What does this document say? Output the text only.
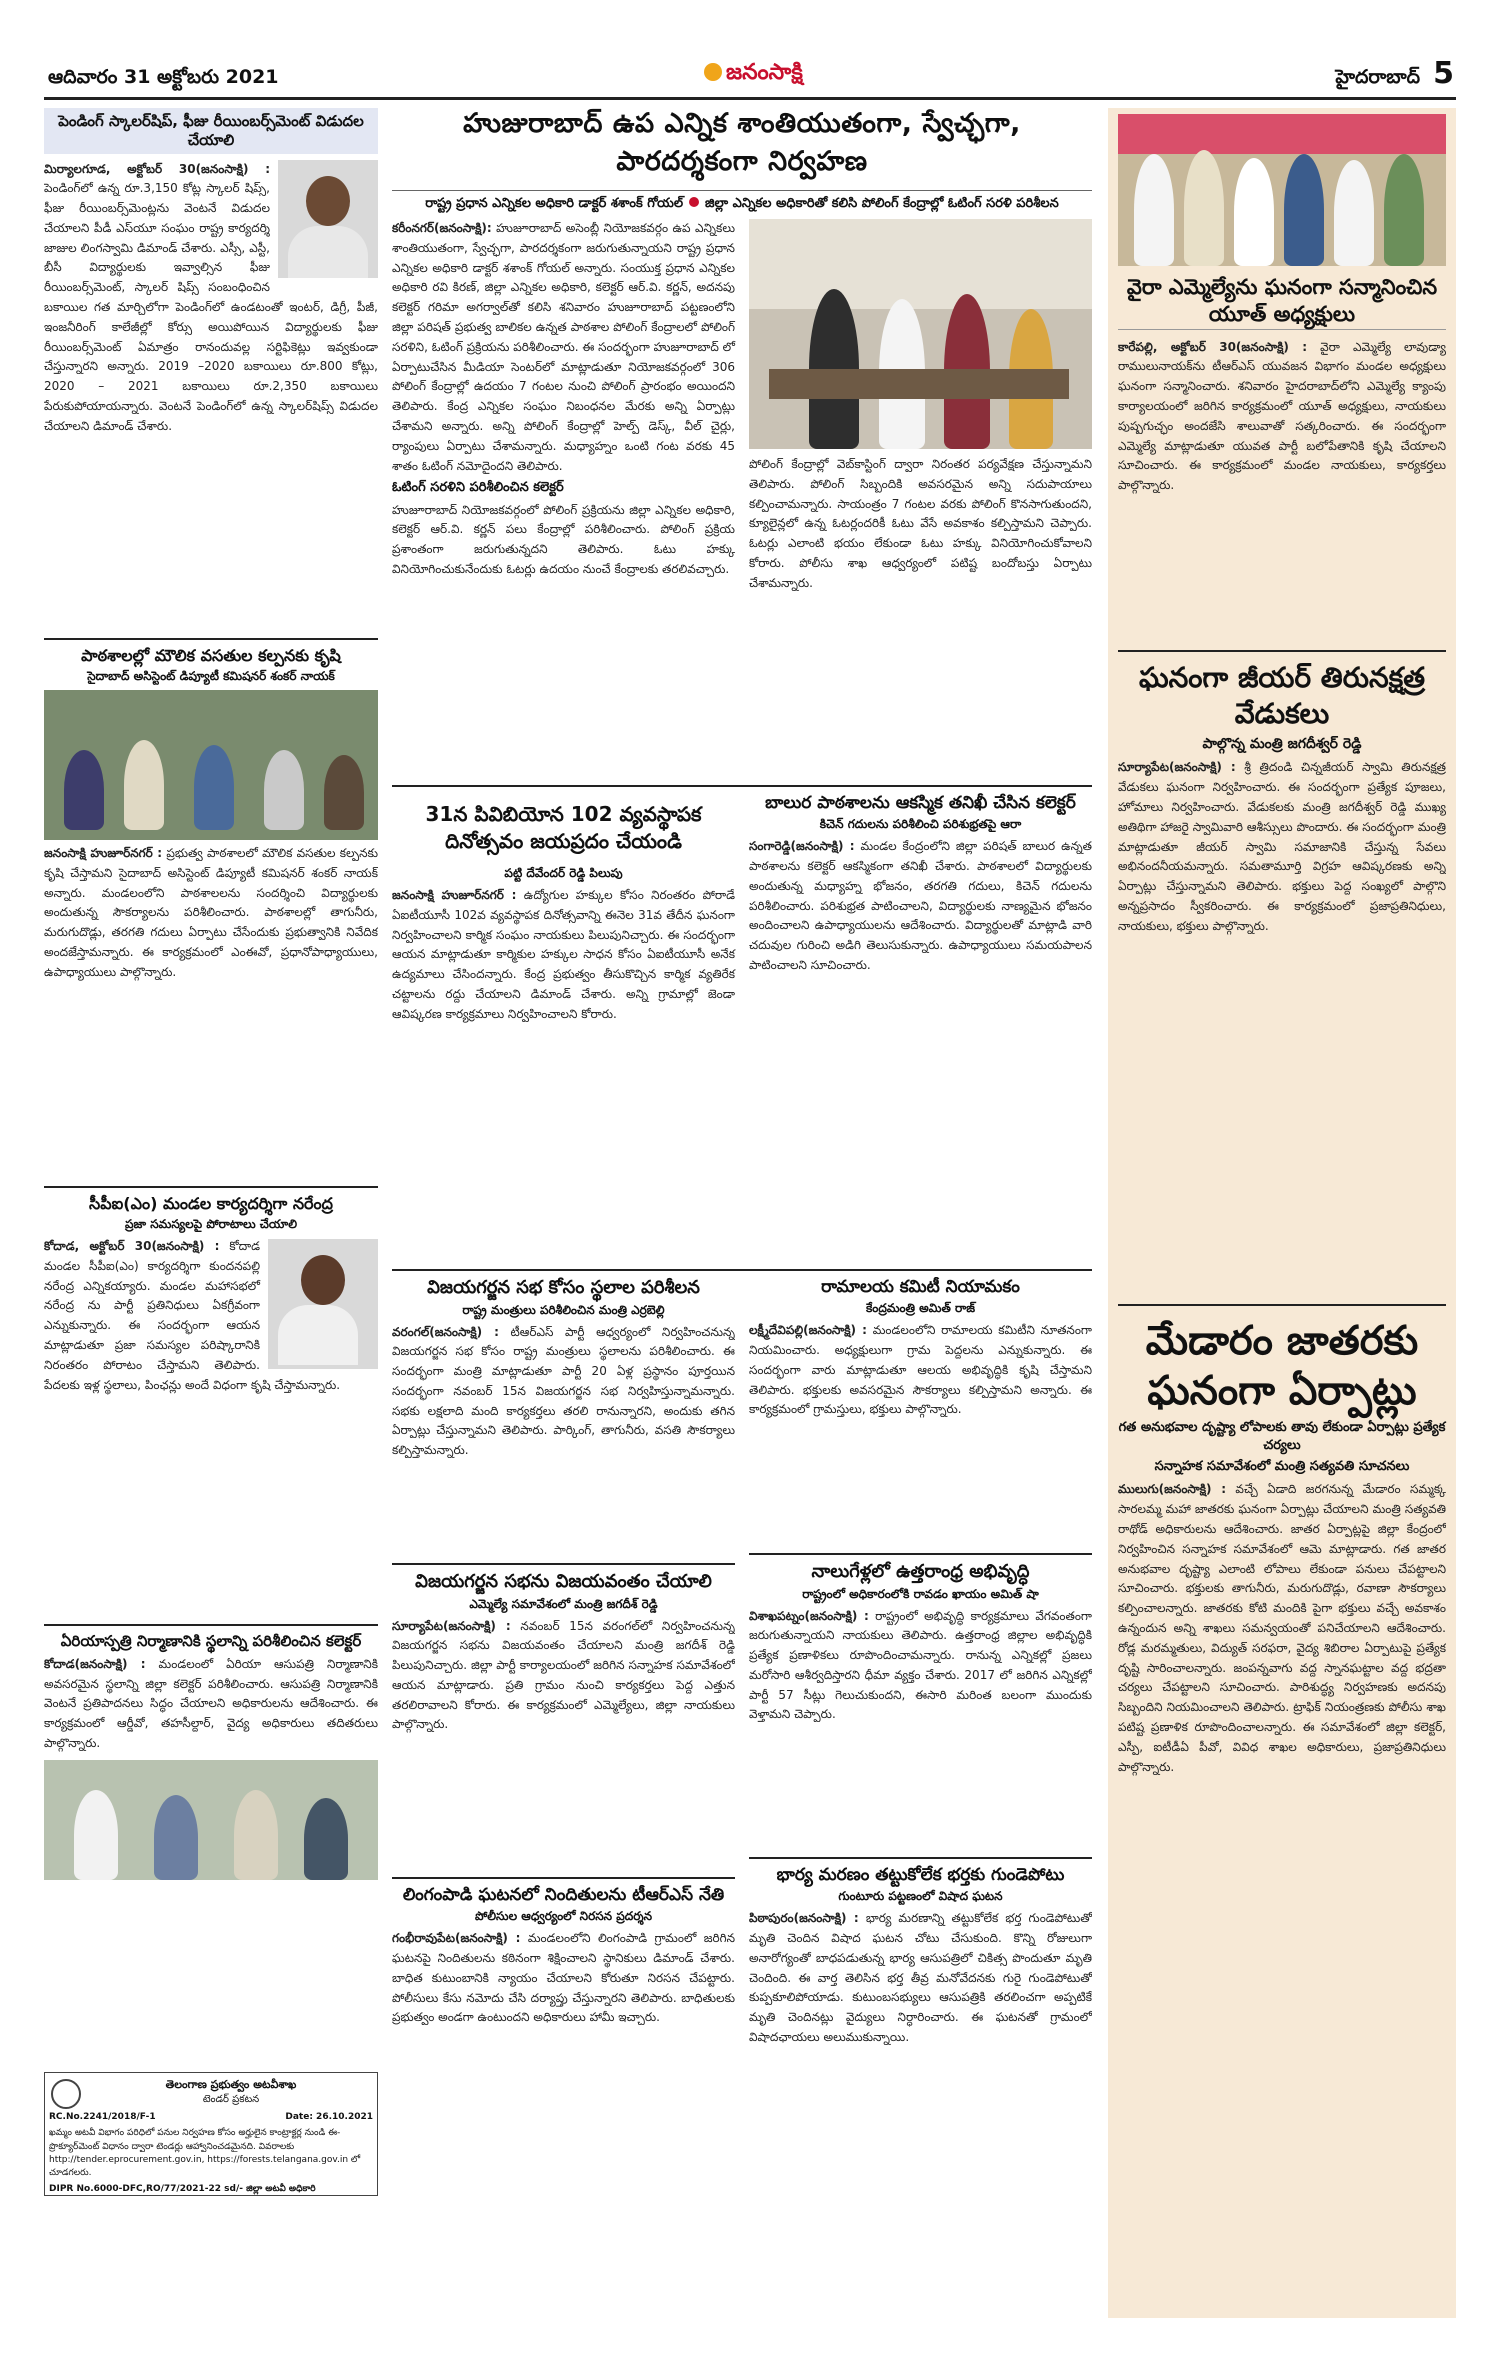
ఆదివారం 31 అక్టోబరు 2021	జనంసాక్షి	హైదరాబాద్ 5
పెండింగ్ స్కాలర్‌షిప్, ఫీజు రీయింబర్స్‌మెంట్ విడుదల చేయాలి

మిర్యాలగూడ, అక్టోబర్ 30(జనంసాక్షి) : పెండింగ్‌లో ఉన్న రూ.3,150 కోట్ల స్కాలర్ షిప్స్, ఫీజు రీయింబర్స్‌మెంట్లను వెంటనే విడుదల చేయాలని పీడీ ఎస్‌యూ సంఘం రాష్ట్ర కార్యదర్శి జాజుల లింగస్వామి డిమాండ్ చేశారు. ఎస్సీ, ఎస్టీ, బీసీ విద్యార్థులకు ఇవ్వాల్సిన ఫీజు రీయింబర్స్‌మెంట్, స్కాలర్ షిప్స్ సంబంధించిన బకాయిల గత మార్చిలోగా పెండింగ్‌లో ఉండటంతో ఇంటర్, డిగ్రీ, పీజీ, ఇంజనీరింగ్ కాలేజీల్లో కోర్సు అయిపోయిన విద్యార్థులకు ఫీజు రీయింబర్స్‌మెంట్ ఏమాత్రం రానందువల్ల సర్టిఫికెట్లు ఇవ్వకుండా చేస్తున్నారని అన్నారు. 2019 –2020 బకాయిలు రూ.800 కోట్లు, 2020 – 2021 బకాయిలు రూ.2,350 బకాయిలు పేరుకుపోయాయన్నారు. వెంటనే పెండింగ్‌లో ఉన్న స్కాలర్‌షిప్స్ విడుదల చేయాలని డిమాండ్ చేశారు.

పాఠశాలల్లో మౌలిక వసతుల కల్పనకు కృషి
సైదాబాద్ అసిస్టెంట్ డిప్యూటీ కమిషనర్ శంకర్ నాయక్

జనంసాక్షి హుజూర్‌నగర్ : ప్రభుత్వ పాఠశాలలో మౌలిక వసతుల కల్పనకు కృషి చేస్తామని సైదాబాద్ అసిస్టెంట్ డిప్యూటీ కమిషనర్ శంకర్ నాయక్ అన్నారు. మండలంలోని పాఠశాలలను సందర్శించి విద్యార్థులకు అందుతున్న సౌకర్యాలను పరిశీలించారు. పాఠశాలల్లో తాగునీరు, మరుగుదొడ్లు, తరగతి గదులు ఏర్పాటు చేసేందుకు ప్రభుత్వానికి నివేదిక అందజేస్తామన్నారు. ఈ కార్యక్రమంలో ఎంఈవో, ప్రధానోపాధ్యాయులు, ఉపాధ్యాయులు పాల్గొన్నారు.

సీపీఐ(ఎం) మండల కార్యదర్శిగా నరేంద్ర
ప్రజా సమస్యలపై పోరాటాలు చేయాలి

కోదాడ, అక్టోబర్ 30(జనంసాక్షి) : కోదాడ మండల సీపీఐ(ఎం) కార్యదర్శిగా కుందనపల్లి నరేంద్ర ఎన్నికయ్యారు. మండల మహాసభలో నరేంద్ర ను పార్టీ ప్రతినిధులు ఏకగ్రీవంగా ఎన్నుకున్నారు. ఈ సందర్భంగా ఆయన మాట్లాడుతూ ప్రజా సమస్యల పరిష్కారానికి నిరంతరం పోరాటం చేస్తామని తెలిపారు. పేదలకు ఇళ్ల స్థలాలు, పింఛన్లు అందే విధంగా కృషి చేస్తామన్నారు.

ఏరియాస్పత్రి నిర్మాణానికి స్థలాన్ని పరిశీలించిన కలెక్టర్

కోదాడ(జనంసాక్షి) : మండలంలో ఏరియా ఆసుపత్రి నిర్మాణానికి అవసరమైన స్థలాన్ని జిల్లా కలెక్టర్ పరిశీలించారు. ఆసుపత్రి నిర్మాణానికి వెంటనే ప్రతిపాదనలు సిద్ధం చేయాలని అధికారులను ఆదేశించారు. ఈ కార్యక్రమంలో ఆర్డీవో, తహసీల్దార్, వైద్య అధికారులు తదితరులు పాల్గొన్నారు.

తెలంగాణ ప్రభుత్వం అటవీశాఖ
టెండర్ ప్రకటన
RC.No.2241/2018/F-1	Date: 26.10.2021
ఖమ్మం అటవీ విభాగం పరిధిలో పనుల నిర్వహణ కోసం అర్హులైన కాంట్రాక్టర్ల నుండి ఈ-ప్రొక్యూర్‌మెంట్ విధానం ద్వారా టెండర్లు ఆహ్వానించడమైనది. వివరాలకు http://tender.eprocurement.gov.in, https://forests.telangana.gov.in లో చూడగలరు.
DIPR No.6000-DFC,RO/77/2021-22 sd/- జిల్లా అటవీ అధికారి
హుజురాబాద్ ఉప ఎన్నిక శాంతియుతంగా, స్వేచ్ఛగా, పారదర్శకంగా నిర్వహణ
రాష్ట్ర ప్రధాన ఎన్నికల అధికారి డాక్టర్ శశాంక్ గోయల్ జిల్లా ఎన్నికల అధికారితో కలిసి పోలింగ్ కేంద్రాల్లో ఓటింగ్ సరళి పరిశీలన

కరీంనగర్(జనంసాక్షి): హుజూరాబాద్ అసెంబ్లీ నియోజకవర్గం ఉప ఎన్నికలు శాంతియుతంగా, స్వేచ్ఛగా, పారదర్శకంగా జరుగుతున్నాయని రాష్ట్ర ప్రధాన ఎన్నికల అధికారి డాక్టర్ శశాంక్ గోయల్ అన్నారు. సంయుక్త ప్రధాన ఎన్నికల అధికారి రవి కిరణ్, జిల్లా ఎన్నికల అధికారి, కలెక్టర్ ఆర్.వి. కర్ణన్, అదనపు కలెక్టర్ గరిమా అగర్వాల్‌తో కలిసి శనివారం హుజూరాబాద్ పట్టణంలోని జిల్లా పరిషత్ ప్రభుత్వ బాలికల ఉన్నత పాఠశాల పోలింగ్ కేంద్రాలలో పోలింగ్ సరళిని, ఓటింగ్ ప్రక్రియను పరిశీలించారు. ఈ సందర్భంగా హుజూరాబాద్ లో ఏర్పాటుచేసిన మీడియా సెంటర్‌లో మాట్లాడుతూ నియోజకవర్గంలో 306 పోలింగ్ కేంద్రాల్లో ఉదయం 7 గంటల నుంచి పోలింగ్ ప్రారంభం అయిందని తెలిపారు. కేంద్ర ఎన్నికల సంఘం నిబంధనల మేరకు అన్ని ఏర్పాట్లు చేశామని అన్నారు. అన్ని పోలింగ్ కేంద్రాల్లో హెల్ప్ డెస్క్, వీల్ చైర్లు, ర్యాంపులు ఏర్పాటు చేశామన్నారు. మధ్యాహ్నం ఒంటి గంట వరకు 45 శాతం ఓటింగ్ నమోదైందని తెలిపారు.

ఓటింగ్ సరళిని పరిశీలించిన కలెక్టర్

హుజూరాబాద్ నియోజకవర్గంలో పోలింగ్ ప్రక్రియను జిల్లా ఎన్నికల అధికారి, కలెక్టర్ ఆర్.వి. కర్ణన్ పలు కేంద్రాల్లో పరిశీలించారు. పోలింగ్ ప్రక్రియ ప్రశాంతంగా జరుగుతున్నదని తెలిపారు. ఓటు హక్కు వినియోగించుకునేందుకు ఓటర్లు ఉదయం నుంచే కేంద్రాలకు తరలివచ్చారు.

పోలింగ్ కేంద్రాల్లో వెబ్‌కాస్టింగ్ ద్వారా నిరంతర పర్యవేక్షణ చేస్తున్నామని తెలిపారు. పోలింగ్ సిబ్బందికి అవసరమైన అన్ని సదుపాయాలు కల్పించామన్నారు. సాయంత్రం 7 గంటల వరకు పోలింగ్ కొనసాగుతుందని, క్యూలైన్లలో ఉన్న ఓటర్లందరికీ ఓటు వేసే అవకాశం కల్పిస్తామని చెప్పారు. ఓటర్లు ఎలాంటి భయం లేకుండా ఓటు హక్కు వినియోగించుకోవాలని కోరారు. పోలీసు శాఖ ఆధ్వర్యంలో పటిష్ట బందోబస్తు ఏర్పాటు చేశామన్నారు.

31న పివిబియోన 102 వ్యవస్థాపక దినోత్సవం జయప్రదం చేయండి
పట్టి దేవేందర్ రెడ్డి పిలుపు

జనంసాక్షి హుజూర్‌నగర్ : ఉద్యోగుల హక్కుల కోసం నిరంతరం పోరాడే ఏఐటీయూసీ 102వ వ్యవస్థాపక దినోత్సవాన్ని ఈనెల 31వ తేదీన ఘనంగా నిర్వహించాలని కార్మిక సంఘం నాయకులు పిలుపునిచ్చారు. ఈ సందర్భంగా ఆయన మాట్లాడుతూ కార్మికుల హక్కుల సాధన కోసం ఏఐటీయూసీ అనేక ఉద్యమాలు చేసిందన్నారు. కేంద్ర ప్రభుత్వం తీసుకొచ్చిన కార్మిక వ్యతిరేక చట్టాలను రద్దు చేయాలని డిమాండ్ చేశారు. అన్ని గ్రామాల్లో జెండా ఆవిష్కరణ కార్యక్రమాలు నిర్వహించాలని కోరారు.

బాలుర పాఠశాలను ఆకస్మిక తనిఖీ చేసిన కలెక్టర్
కిచెన్ గదులను పరిశీలించి పరిశుభ్రతపై ఆరా

సంగారెడ్డి(జనంసాక్షి) : మండల కేంద్రంలోని జిల్లా పరిషత్ బాలుర ఉన్నత పాఠశాలను కలెక్టర్ ఆకస్మికంగా తనిఖీ చేశారు. పాఠశాలలో విద్యార్థులకు అందుతున్న మధ్యాహ్న భోజనం, తరగతి గదులు, కిచెన్ గదులను పరిశీలించారు. పరిశుభ్రత పాటించాలని, విద్యార్థులకు నాణ్యమైన భోజనం అందించాలని ఉపాధ్యాయులను ఆదేశించారు. విద్యార్థులతో మాట్లాడి వారి చదువుల గురించి అడిగి తెలుసుకున్నారు. ఉపాధ్యాయులు సమయపాలన పాటించాలని సూచించారు.

విజయగర్జన సభ కోసం స్థలాల పరిశీలన
రాష్ట్ర మంత్రులు పరిశీలించిన మంత్రి ఎర్రబెల్లి

వరంగల్(జనంసాక్షి) : టీఆర్ఎస్ పార్టీ ఆధ్వర్యంలో నిర్వహించనున్న విజయగర్జన సభ కోసం రాష్ట్ర మంత్రులు స్థలాలను పరిశీలించారు. ఈ సందర్భంగా మంత్రి మాట్లాడుతూ పార్టీ 20 ఏళ్ల ప్రస్థానం పూర్తయిన సందర్భంగా నవంబర్ 15న విజయగర్జన సభ నిర్వహిస్తున్నామన్నారు. సభకు లక్షలాది మంది కార్యకర్తలు తరలి రానున్నారని, అందుకు తగిన ఏర్పాట్లు చేస్తున్నామని తెలిపారు. పార్కింగ్, తాగునీరు, వసతి సౌకర్యాలు కల్పిస్తామన్నారు.

విజయగర్జన సభను విజయవంతం చేయాలి
ఎమ్మెల్యే సమావేశంలో మంత్రి జగదీశ్ రెడ్డి

సూర్యాపేట(జనంసాక్షి) : నవంబర్ 15న వరంగల్‌లో నిర్వహించనున్న విజయగర్జన సభను విజయవంతం చేయాలని మంత్రి జగదీశ్ రెడ్డి పిలుపునిచ్చారు. జిల్లా పార్టీ కార్యాలయంలో జరిగిన సన్నాహక సమావేశంలో ఆయన మాట్లాడారు. ప్రతి గ్రామం నుంచి కార్యకర్తలు పెద్ద ఎత్తున తరలిరావాలని కోరారు. ఈ కార్యక్రమంలో ఎమ్మెల్యేలు, జిల్లా నాయకులు పాల్గొన్నారు.

లింగంపాడి ఘటనలో నిందితులను టీఆర్ఎస్ నేతి
పోలీసుల ఆధ్వర్యంలో నిరసన ప్రదర్శన

గంభీరావుపేట(జనంసాక్షి) : మండలంలోని లింగంపాడి గ్రామంలో జరిగిన ఘటనపై నిందితులను కఠినంగా శిక్షించాలని స్థానికులు డిమాండ్ చేశారు. బాధిత కుటుంబానికి న్యాయం చేయాలని కోరుతూ నిరసన చేపట్టారు. పోలీసులు కేసు నమోదు చేసి దర్యాప్తు చేస్తున్నారని తెలిపారు. బాధితులకు ప్రభుత్వం అండగా ఉంటుందని అధికారులు హామీ ఇచ్చారు.

రామాలయ కమిటీ నియామకం
కేంద్రమంత్రి అమిత్ రాజ్

లక్ష్మీదేవిపల్లి(జనంసాక్షి) : మండలంలోని రామాలయ కమిటీని నూతనంగా నియమించారు. అధ్యక్షులుగా గ్రామ పెద్దలను ఎన్నుకున్నారు. ఈ సందర్భంగా వారు మాట్లాడుతూ ఆలయ అభివృద్ధికి కృషి చేస్తామని తెలిపారు. భక్తులకు అవసరమైన సౌకర్యాలు కల్పిస్తామని అన్నారు. ఈ కార్యక్రమంలో గ్రామస్తులు, భక్తులు పాల్గొన్నారు.

నాలుగేళ్లలో ఉత్తరాంధ్ర అభివృద్ధి
రాష్ట్రంలో అధికారంలోకి రావడం ఖాయం అమిత్ షా

విశాఖపట్నం(జనంసాక్షి) : రాష్ట్రంలో అభివృద్ధి కార్యక్రమాలు వేగవంతంగా జరుగుతున్నాయని నాయకులు తెలిపారు. ఉత్తరాంధ్ర జిల్లాల అభివృద్ధికి ప్రత్యేక ప్రణాళికలు రూపొందించామన్నారు. రానున్న ఎన్నికల్లో ప్రజలు మరోసారి ఆశీర్వదిస్తారని ధీమా వ్యక్తం చేశారు. 2017 లో జరిగిన ఎన్నికల్లో పార్టీ 57 సీట్లు గెలుచుకుందని, ఈసారి మరింత బలంగా ముందుకు వెళ్తామని చెప్పారు.

భార్య మరణం తట్టుకోలేక భర్తకు గుండెపోటు
గుంటూరు పట్టణంలో విషాద ఘటన

పిఠాపురం(జనంసాక్షి) : భార్య మరణాన్ని తట్టుకోలేక భర్త గుండెపోటుతో మృతి చెందిన విషాద ఘటన చోటు చేసుకుంది. కొన్ని రోజులుగా అనారోగ్యంతో బాధపడుతున్న భార్య ఆసుపత్రిలో చికిత్స పొందుతూ మృతి చెందింది. ఈ వార్త తెలిసిన భర్త తీవ్ర మనోవేదనకు గురై గుండెపోటుతో కుప్పకూలిపోయాడు. కుటుంబసభ్యులు ఆసుపత్రికి తరలించగా అప్పటికే మృతి చెందినట్లు వైద్యులు నిర్ధారించారు. ఈ ఘటనతో గ్రామంలో విషాదఛాయలు అలుముకున్నాయి.

వైరా ఎమ్మెల్యేను ఘనంగా సన్మానించిన యూత్ అధ్యక్షులు

కారేపల్లి, అక్టోబర్ 30(జనంసాక్షి) : వైరా ఎమ్మెల్యే లావుడ్యా రాములునాయక్‌ను టీఆర్ఎస్ యువజన విభాగం మండల అధ్యక్షులు ఘనంగా సన్మానించారు. శనివారం హైదరాబాద్‌లోని ఎమ్మెల్యే క్యాంపు కార్యాలయంలో జరిగిన కార్యక్రమంలో యూత్ అధ్యక్షులు, నాయకులు పుష్పగుచ్ఛం అందజేసి శాలువాతో సత్కరించారు. ఈ సందర్భంగా ఎమ్మెల్యే మాట్లాడుతూ యువత పార్టీ బలోపేతానికి కృషి చేయాలని సూచించారు. ఈ కార్యక్రమంలో మండల నాయకులు, కార్యకర్తలు పాల్గొన్నారు.

ఘనంగా జీయర్ తిరునక్షత్ర వేడుకలు
పాల్గొన్న మంత్రి జగదీశ్వర్ రెడ్డి

సూర్యాపేట(జనంసాక్షి) : శ్రీ త్రిదండి చిన్నజీయర్ స్వామి తిరునక్షత్ర వేడుకలు ఘనంగా నిర్వహించారు. ఈ సందర్భంగా ప్రత్యేక పూజలు, హోమాలు నిర్వహించారు. వేడుకలకు మంత్రి జగదీశ్వర్ రెడ్డి ముఖ్య అతిథిగా హాజరై స్వామివారి ఆశీస్సులు పొందారు. ఈ సందర్భంగా మంత్రి మాట్లాడుతూ జీయర్ స్వామి సమాజానికి చేస్తున్న సేవలు అభినందనీయమన్నారు. సమతామూర్తి విగ్రహ ఆవిష్కరణకు అన్ని ఏర్పాట్లు చేస్తున్నామని తెలిపారు. భక్తులు పెద్ద సంఖ్యలో పాల్గొని అన్నప్రసాదం స్వీకరించారు. ఈ కార్యక్రమంలో ప్రజాప్రతినిధులు, నాయకులు, భక్తులు పాల్గొన్నారు.

మేడారం జాతరకు ఘనంగా ఏర్పాట్లు
గత అనుభవాల దృష్ట్యా లోపాలకు తావు లేకుండా ఏర్పాట్లు ప్రత్యేక చర్యలు
సన్నాహక సమావేశంలో మంత్రి సత్యవతి సూచనలు

ములుగు(జనంసాక్షి) : వచ్చే ఏడాది జరగనున్న మేడారం సమ్మక్క సారలమ్మ మహా జాతరకు ఘనంగా ఏర్పాట్లు చేయాలని మంత్రి సత్యవతి రాథోడ్ అధికారులను ఆదేశించారు. జాతర ఏర్పాట్లపై జిల్లా కేంద్రంలో నిర్వహించిన సన్నాహక సమావేశంలో ఆమె మాట్లాడారు. గత జాతర అనుభవాల దృష్ట్యా ఎలాంటి లోపాలు లేకుండా పనులు చేపట్టాలని సూచించారు. భక్తులకు తాగునీరు, మరుగుదొడ్లు, రవాణా సౌకర్యాలు కల్పించాలన్నారు. జాతరకు కోటి మందికి పైగా భక్తులు వచ్చే అవకాశం ఉన్నందున అన్ని శాఖలు సమన్వయంతో పనిచేయాలని ఆదేశించారు. రోడ్ల మరమ్మతులు, విద్యుత్ సరఫరా, వైద్య శిబిరాల ఏర్పాటుపై ప్రత్యేక దృష్టి సారించాలన్నారు. జంపన్నవాగు వద్ద స్నానఘట్టాల వద్ద భద్రతా చర్యలు చేపట్టాలని సూచించారు. పారిశుద్ధ్య నిర్వహణకు అదనపు సిబ్బందిని నియమించాలని తెలిపారు. ట్రాఫిక్ నియంత్రణకు పోలీసు శాఖ పటిష్ట ప్రణాళిక రూపొందించాలన్నారు. ఈ సమావేశంలో జిల్లా కలెక్టర్, ఎస్పీ, ఐటీడీఏ పీవో, వివిధ శాఖల అధికారులు, ప్రజాప్రతినిధులు పాల్గొన్నారు.
